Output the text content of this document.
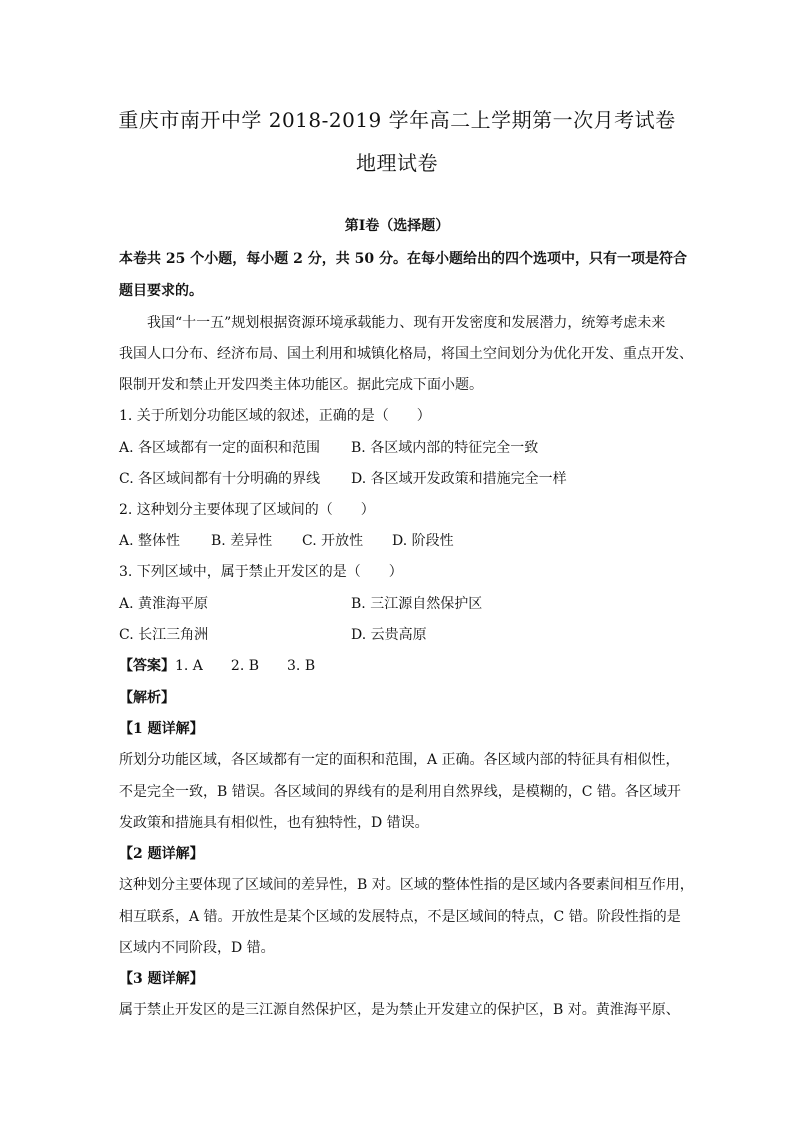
重庆市南开中学 2018-2019 学年高二上学期第一次月考试卷
地理试卷
第Ⅰ卷（选择题）
本卷共 25 个小题，每小题 2 分，共 50 分。在每小题给出的四个选项中，只有一项是符合
题目要求的。
我国“十一五”规划根据资源环境承载能力、现有开发密度和发展潜力，统筹考虑未来
我国人口分布、经济布局、国土利用和城镇化格局，将国土空间划分为优化开发、重点开发、
限制开发和禁止开发四类主体功能区。据此完成下面小题。
1. 关于所划分功能区域的叙述，正确的是（　　）
A. 各区域都有一定的面积和范围 B. 各区域内部的特征完全一致
C. 各区域间都有十分明确的界线 D. 各区域开发政策和措施完全一样
2. 这种划分主要体现了区域间的（　　）
A. 整体性 B. 差异性 C. 开放性 D. 阶段性
3. 下列区域中，属于禁止开发区的是（　　）
A. 黄淮海平原	B. 三江源自然保护区
C. 长江三角洲	D. 云贵高原
【答案】1. A　　2. B　　3. B
【解析】
【1 题详解】
所划分功能区域，各区域都有一定的面积和范围，A 正确。各区域内部的特征具有相似性，
不是完全一致，B 错误。各区域间的界线有的是利用自然界线，是模糊的，C 错。各区域开
发政策和措施具有相似性，也有独特性，D 错误。
【2 题详解】
这种划分主要体现了区域间的差异性，B 对。区域的整体性指的是区域内各要素间相互作用，
相互联系，A 错。开放性是某个区域的发展特点，不是区域间的特点，C 错。阶段性指的是
区域内不同阶段，D 错。
【3 题详解】
属于禁止开发区的是三江源自然保护区，是为禁止开发建立的保护区，B 对。黄淮海平原、
